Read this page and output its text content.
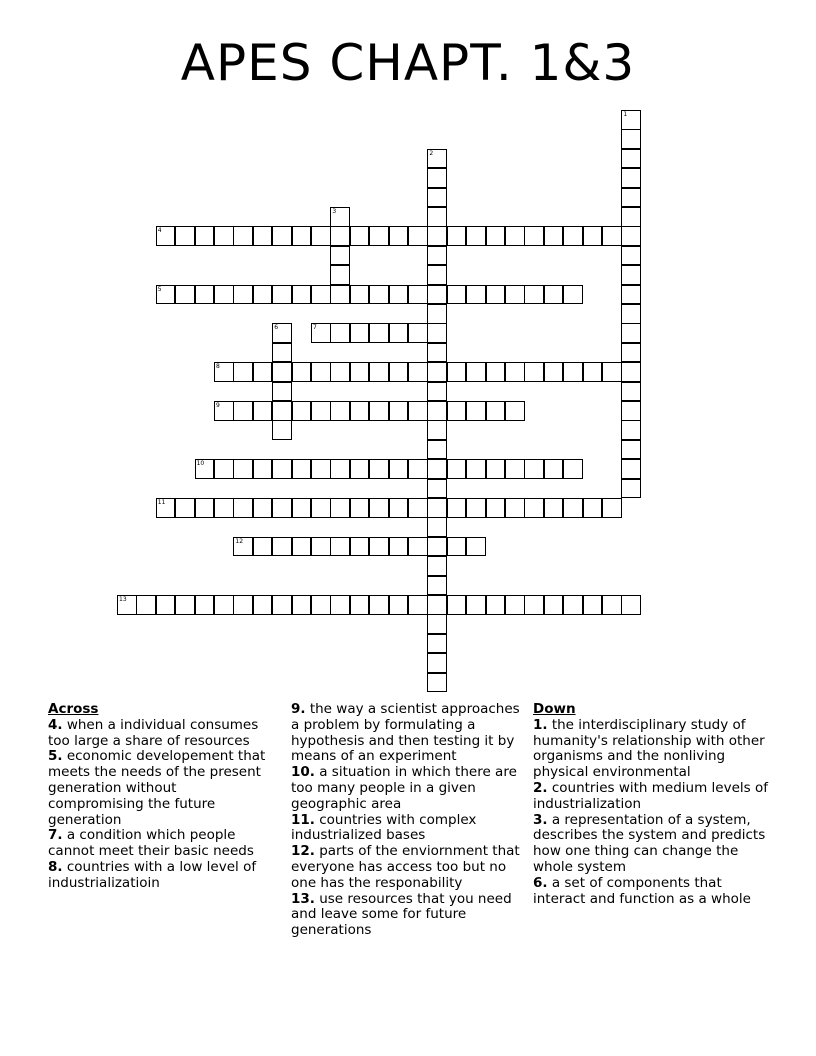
APES CHAPT. 1&3
1
2
3
4
5
6	7
8
9
10
11
12
13
Across
4. when a individual consumes too large a share of resources
5. economic developement that meets the needs of the present generation without compromising the future generation
7. a condition which people cannot meet their basic needs
8. countries with a low level of industrializatioin
9. the way a scientist approaches a problem by formulating a hypothesis and then testing it by means of an experiment
10. a situation in which there are too many people in a given geographic area
11. countries with complex industrialized bases
12. parts of the enviornment that everyone has access too but no one has the responability
13. use resources that you need and leave some for future generations
Down
1. the interdisciplinary study of humanity's relationship with other organisms and the nonliving physical environmental
2. countries with medium levels of industrialization
3. a representation of a system, describes the system and predicts how one thing can change the whole system
6. a set of components that interact and function as a whole
